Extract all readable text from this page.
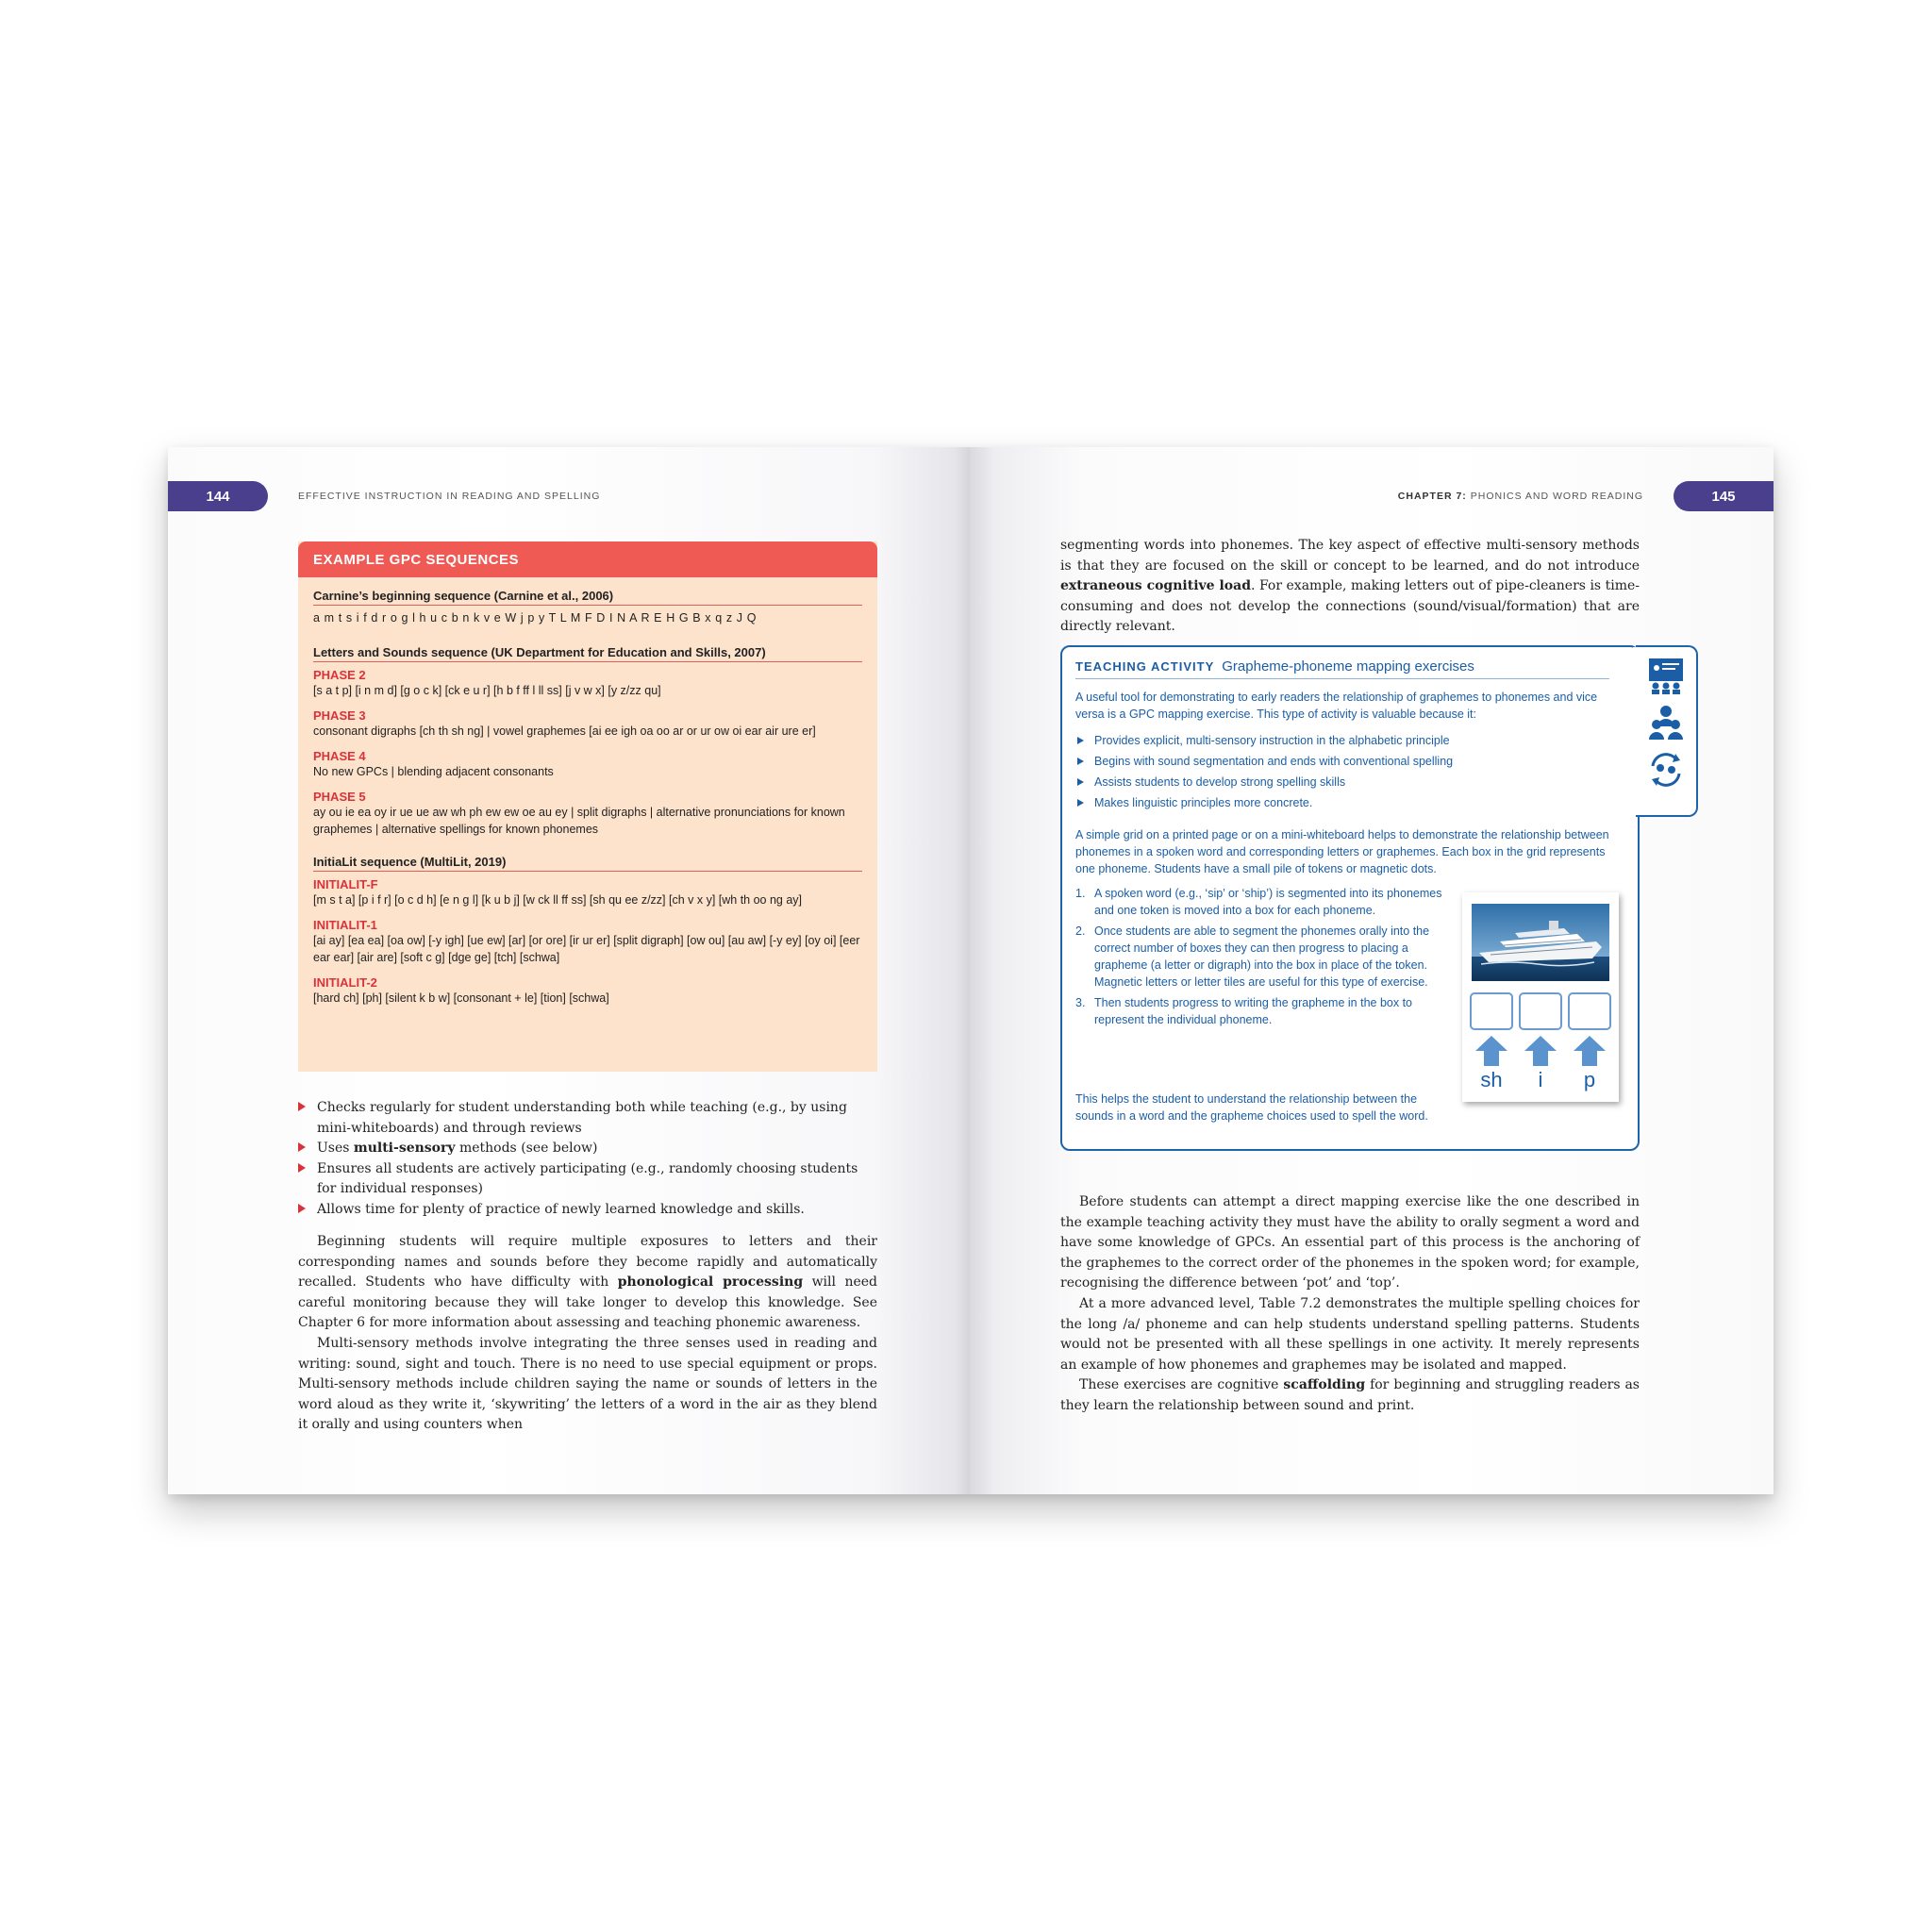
144	EFFECTIVE INSTRUCTION IN READING AND SPELLING
EXAMPLE GPC SEQUENCES
Carnine’s beginning sequence (Carnine et al., 2006)
a m t s i f d r o g l h u c b n k v e W j p y T L M F D I N A R E H G B x q z J Q
Letters and Sounds sequence (UK Department for Education and Skills, 2007)
PHASE 2
[s a t p] [i n m d] [g o c k] [ck e u r] [h b f ff l ll ss] [j v w x] [y z/zz qu]
PHASE 3
consonant digraphs [ch th sh ng] | vowel graphemes [ai ee igh oa oo ar or ur ow oi ear air ure er]
PHASE 4
No new GPCs | blending adjacent consonants
PHASE 5
ay ou ie ea oy ir ue ue aw wh ph ew ew oe au ey | split digraphs | alternative pronunciations for known graphemes | alternative spellings for known phonemes
InitiaLit sequence (MultiLit, 2019)
INITIALIT-F
[m s t a] [p i f r] [o c d h] [e n g l] [k u b j] [w ck ll ff ss] [sh qu ee z/zz] [ch v x y] [wh th oo ng ay]
INITIALIT-1
[ai ay] [ea ea] [oa ow] [-y igh] [ue ew] [ar] [or ore] [ir ur er] [split digraph] [ow ou] [au aw] [-y ey] [oy oi] [eer ear ear] [air are] [soft c g] [dge ge] [tch] [schwa]
INITIALIT-2
[hard ch] [ph] [silent k b w] [consonant + le] [tion] [schwa]
Checks regularly for student understanding both while teaching (e.g., by using mini-whiteboards) and through reviews
Uses multi-sensory methods (see below)
Ensures all students are actively participating (e.g., randomly choosing students for individual responses)
Allows time for plenty of practice of newly learned knowledge and skills.

Beginning students will require multiple exposures to letters and their corresponding names and sounds before they become rapidly and automatically recalled. Students who have difficulty with phonological processing will need careful monitoring because they will take longer to develop this knowledge. See Chapter 6 for more information about assessing and teaching phonemic awareness.

Multi-sensory methods involve integrating the three senses used in reading and writing: sound, sight and touch. There is no need to use special equipment or props. Multi-sensory methods include children saying the name or sounds of letters in the word aloud as they write it, ‘skywriting’ the letters of a word in the air as they blend it orally and using counters when

145
CHAPTER 7: PHONICS AND WORD READING

segmenting words into phonemes. The key aspect of effective multi-sensory methods is that they are focused on the skill or concept to be learned, and do not introduce extraneous cognitive load. For example, making letters out of pipe-cleaners is time-consuming and does not develop the connections (sound/visual/formation) that are directly relevant.

TEACHING ACTIVITY Grapheme-phoneme mapping exercises
A useful tool for demonstrating to early readers the relationship of graphemes to phonemes and vice versa is a GPC mapping exercise. This type of activity is valuable because it:
Provides explicit, multi-sensory instruction in the alphabetic principle
Begins with sound segmentation and ends with conventional spelling
Assists students to develop strong spelling skills
Makes linguistic principles more concrete.
A simple grid on a printed page or on a mini-whiteboard helps to demonstrate the relationship between phonemes in a spoken word and corresponding letters or graphemes. Each box in the grid represents one phoneme. Students have a small pile of tokens or magnetic dots.
1. A spoken word (e.g., ‘sip’ or ‘ship’) is segmented into its phonemes and one token is moved into a box for each phoneme.
2. Once students are able to segment the phonemes orally into the correct number of boxes they can then progress to placing a grapheme (a letter or digraph) into the box in place of the token. Magnetic letters or letter tiles are useful for this type of exercise.
3. Then students progress to writing the grapheme in the box to represent the individual phoneme.
sh	i	p
This helps the student to understand the relationship between the sounds in a word and the grapheme choices used to spell the word.

Before students can attempt a direct mapping exercise like the one described in the example teaching activity they must have the ability to orally segment a word and have some knowledge of GPCs. An essential part of this process is the anchoring of the graphemes to the correct order of the phonemes in the spoken word; for example, recognising the difference between ‘pot’ and ‘top’.

At a more advanced level, Table 7.2 demonstrates the multiple spelling choices for the long /a/ phoneme and can help students understand spelling patterns. Students would not be presented with all these spellings in one activity. It merely represents an example of how phonemes and graphemes may be isolated and mapped.

These exercises are cognitive scaffolding for beginning and struggling readers as they learn the relationship between sound and print.
